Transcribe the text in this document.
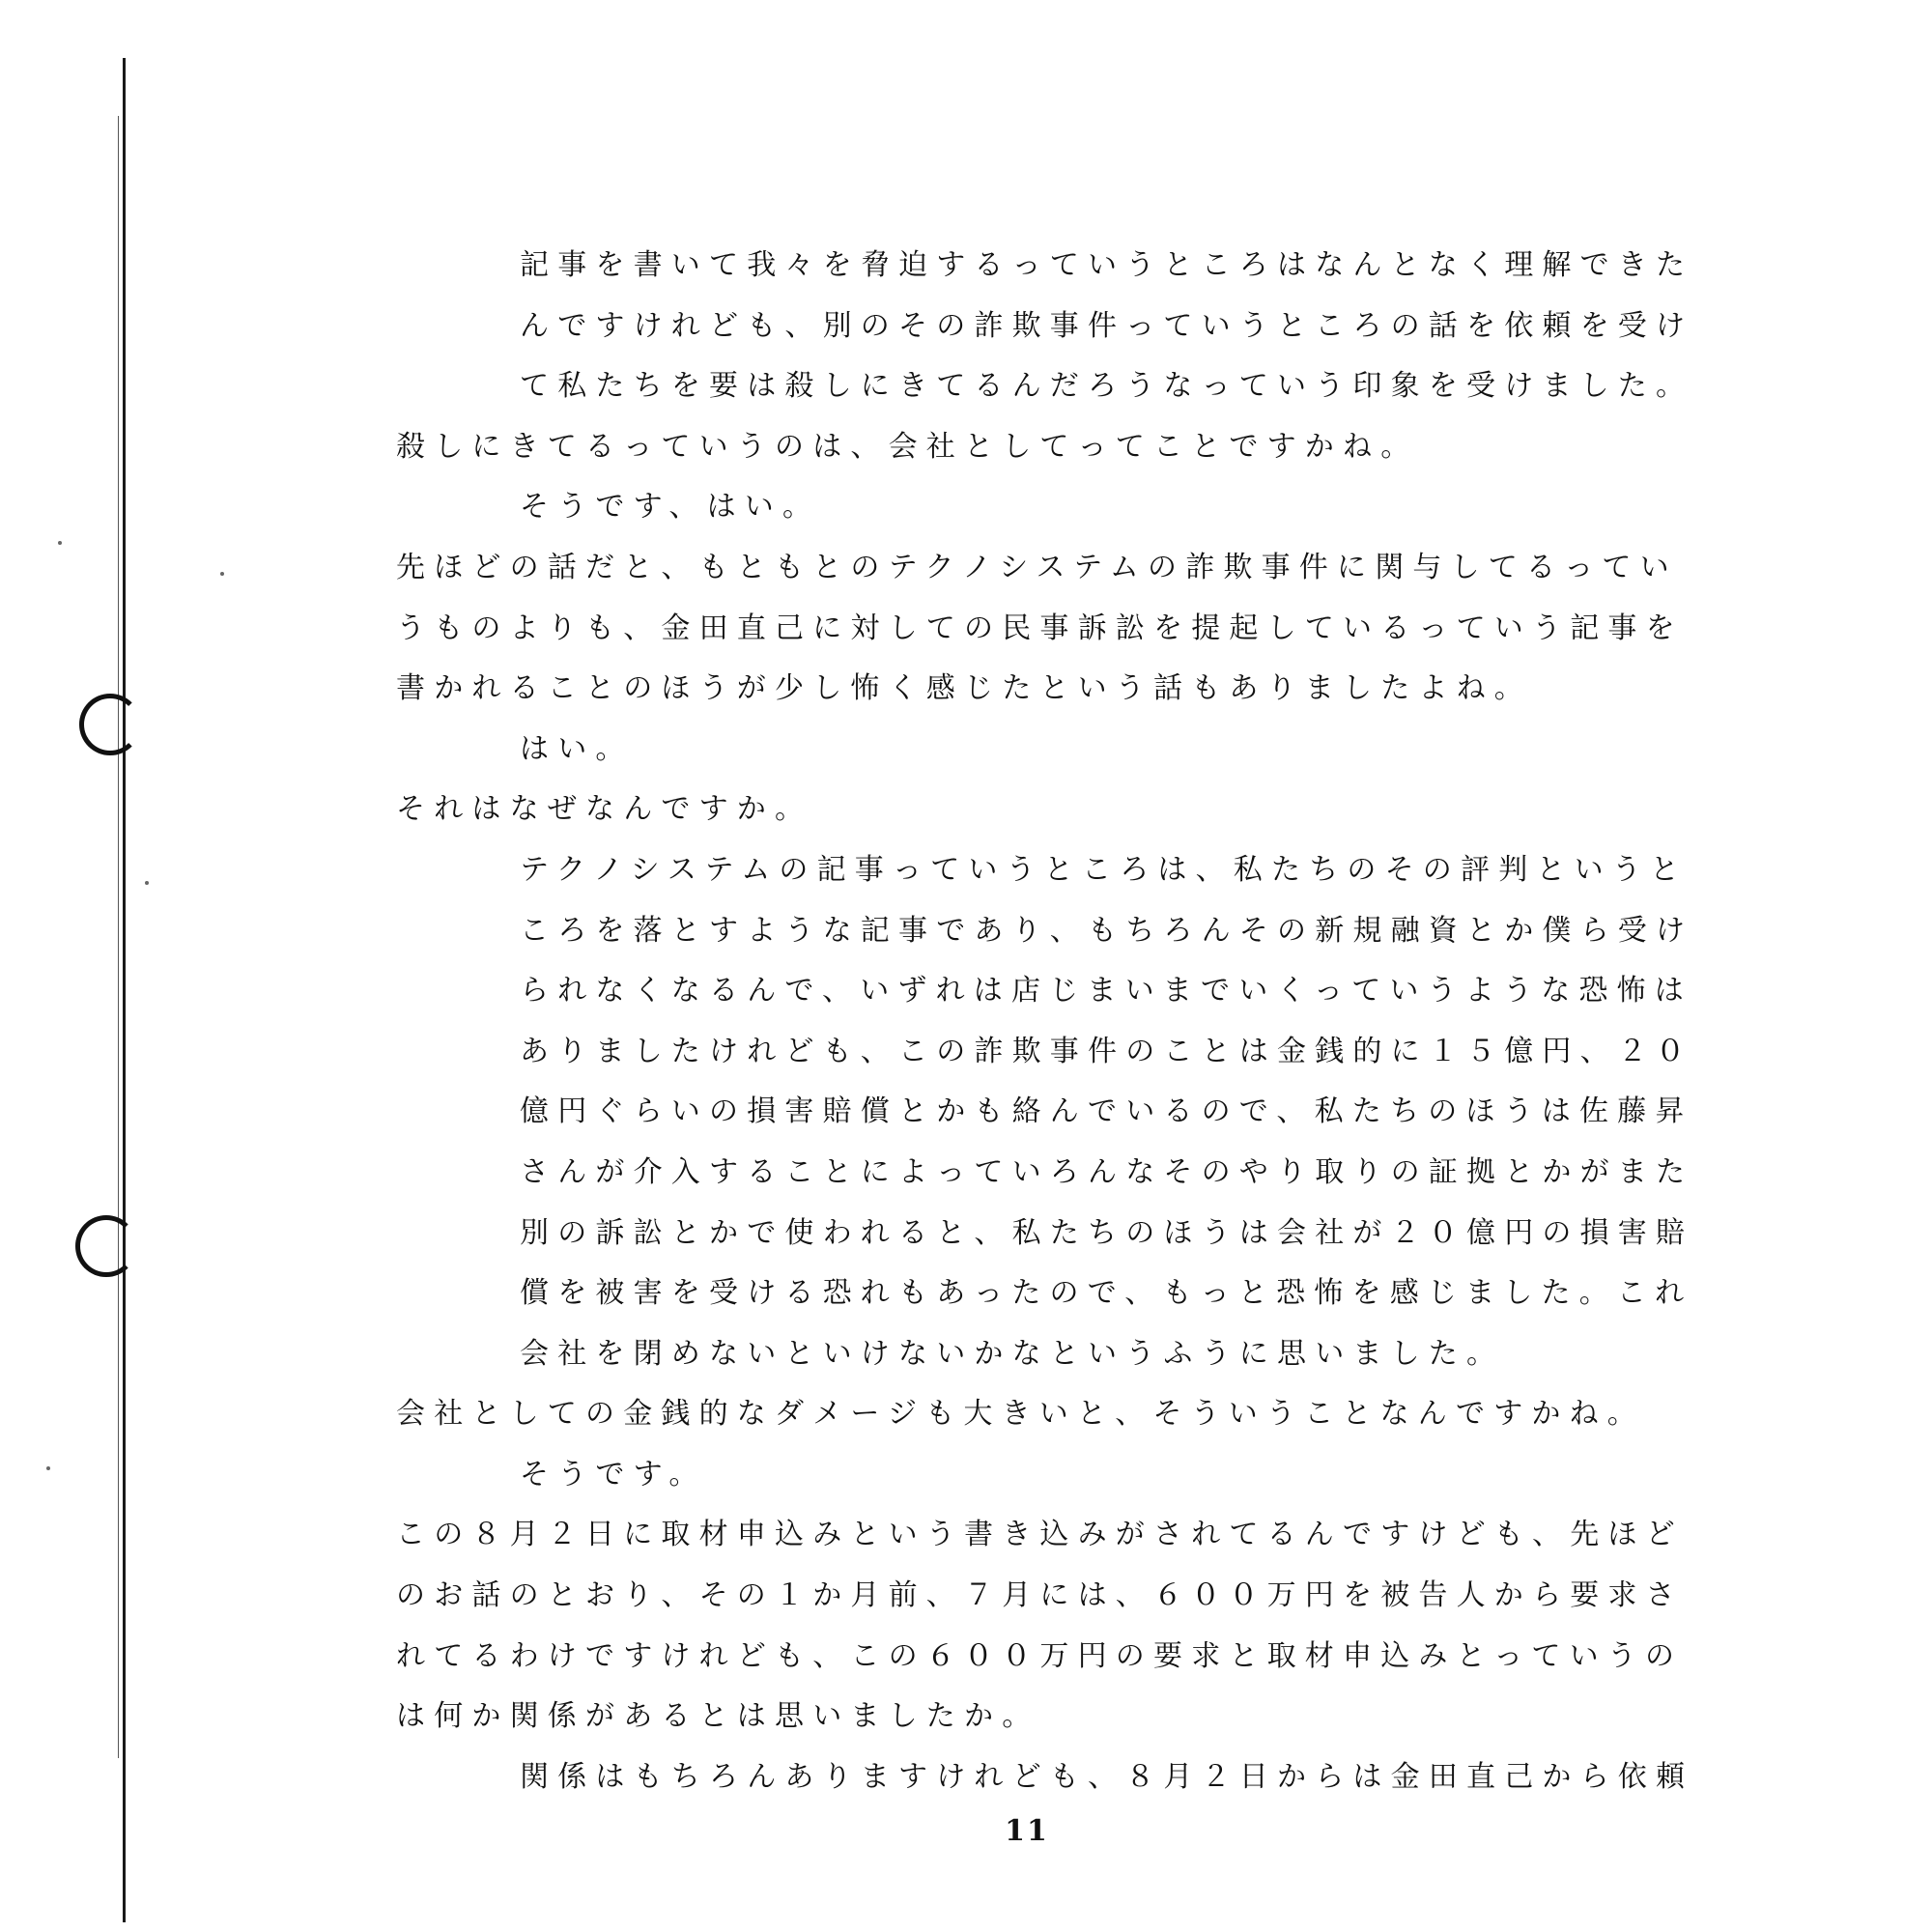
記事を書いて我々を脅迫するっていうところはなんとなく理解できた
んですけれども、別のその詐欺事件っていうところの話を依頼を受け
て私たちを要は殺しにきてるんだろうなっていう印象を受けました。
殺しにきてるっていうのは、会社としてってことですかね。
そうです、はい。
先ほどの話だと、もともとのテクノシステムの詐欺事件に関与してるってい
うものよりも、金田直己に対しての民事訴訟を提起しているっていう記事を
書かれることのほうが少し怖く感じたという話もありましたよね。
はい。
それはなぜなんですか。
テクノシステムの記事っていうところは、私たちのその評判というと
ころを落とすような記事であり、もちろんその新規融資とか僕ら受け
られなくなるんで、いずれは店じまいまでいくっていうような恐怖は
ありましたけれども、この詐欺事件のことは金銭的に１５億円、２０
億円ぐらいの損害賠償とかも絡んでいるので、私たちのほうは佐藤昇
さんが介入することによっていろんなそのやり取りの証拠とかがまた
別の訴訟とかで使われると、私たちのほうは会社が２０億円の損害賠
償を被害を受ける恐れもあったので、もっと恐怖を感じました。これ
会社を閉めないといけないかなというふうに思いました。
会社としての金銭的なダメージも大きいと、そういうことなんですかね。
そうです。
この８月２日に取材申込みという書き込みがされてるんですけども、先ほど
のお話のとおり、その１か月前、７月には、６００万円を被告人から要求さ
れてるわけですけれども、この６００万円の要求と取材申込みとっていうの
は何か関係があるとは思いましたか。
関係はもちろんありますけれども、８月２日からは金田直己から依頼
11
